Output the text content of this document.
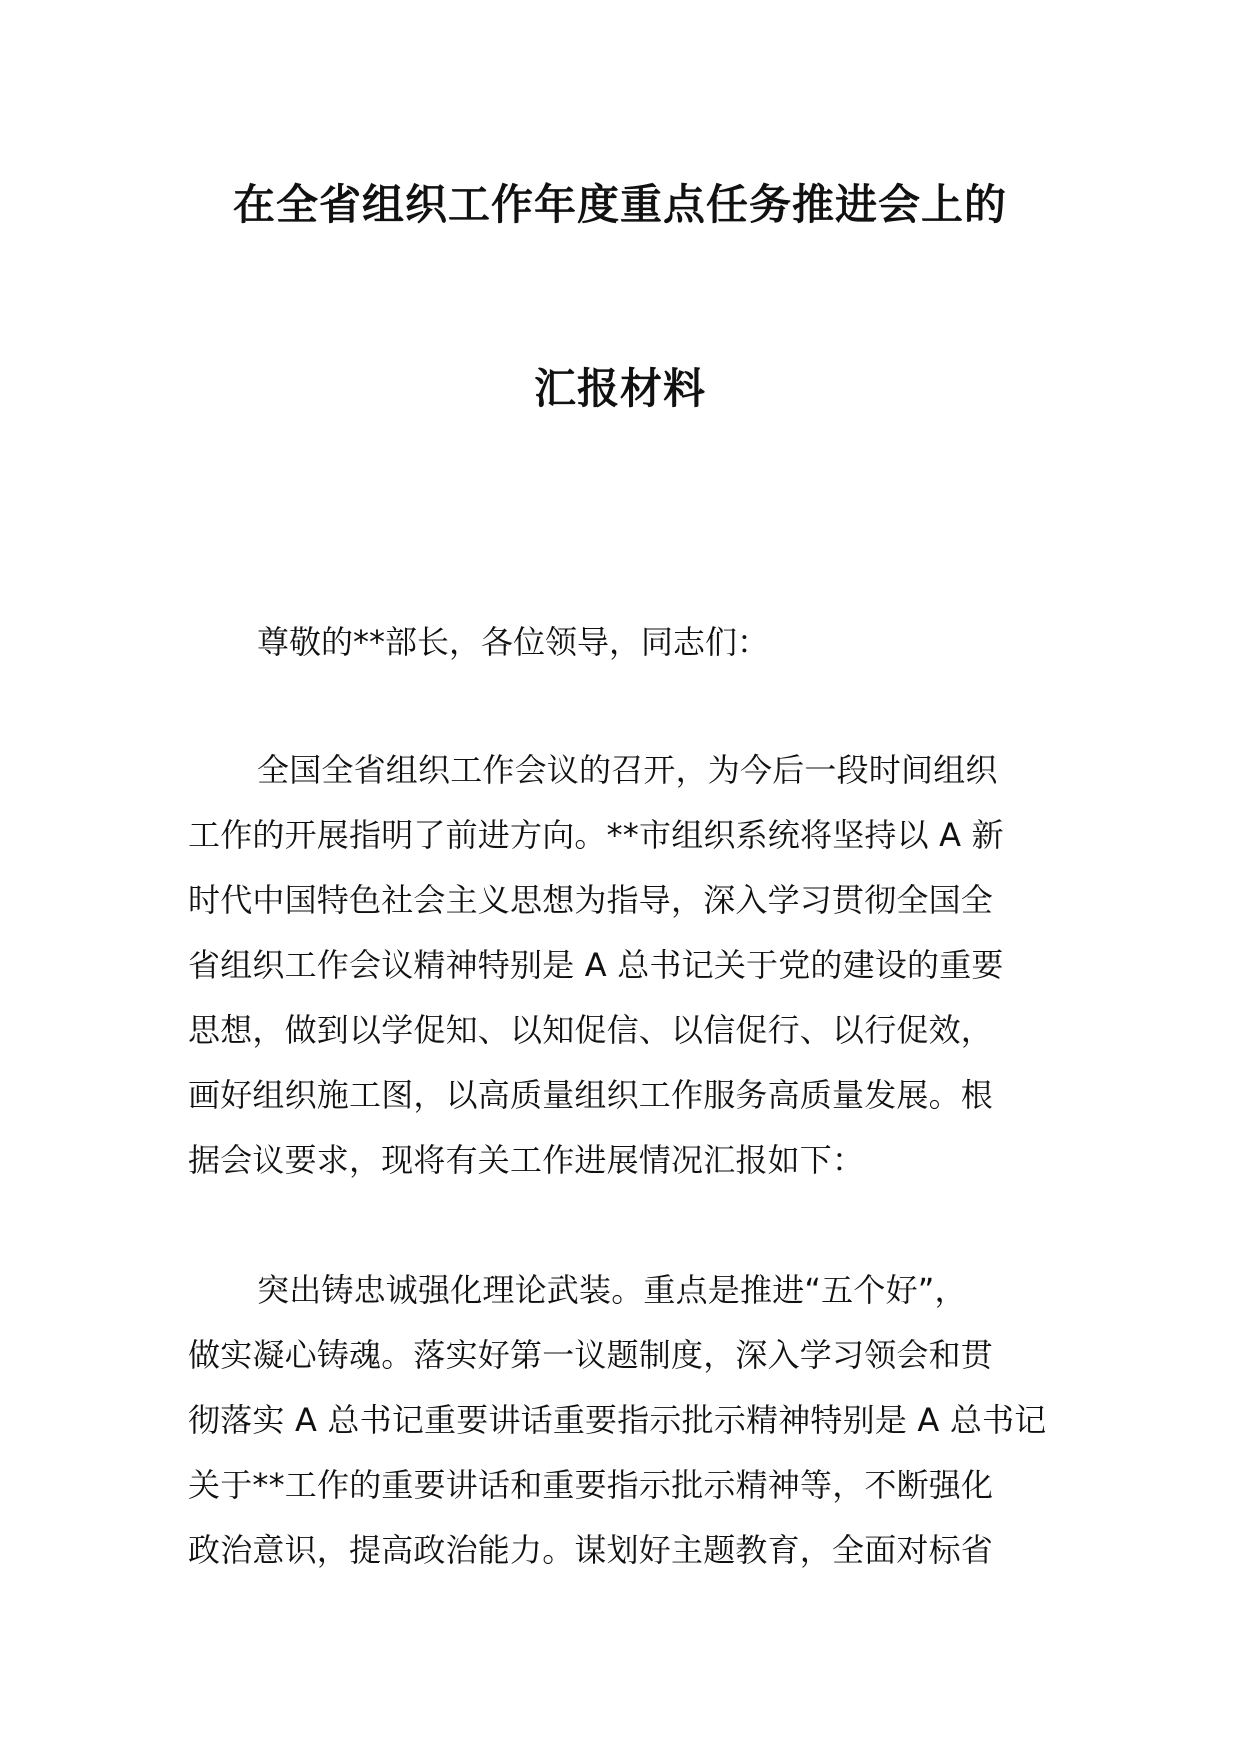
在全省组织工作年度重点任务推进会上的
汇报材料
尊敬的**部长，各位领导，同志们：
全国全省组织工作会议的召开，为今后一段时间组织
工作的开展指明了前进方向。**市组织系统将坚持以 A 新
时代中国特色社会主义思想为指导，深入学习贯彻全国全
省组织工作会议精神特别是 A 总书记关于党的建设的重要
思想，做到以学促知、以知促信、以信促行、以行促效，
画好组织施工图，以高质量组织工作服务高质量发展。根
据会议要求，现将有关工作进展情况汇报如下：
突出铸忠诚强化理论武装。重点是推进“五个好”，
做实凝心铸魂。落实好第一议题制度，深入学习领会和贯
彻落实 A 总书记重要讲话重要指示批示精神特别是 A 总书记
关于**工作的重要讲话和重要指示批示精神等，不断强化
政治意识，提高政治能力。谋划好主题教育，全面对标省
